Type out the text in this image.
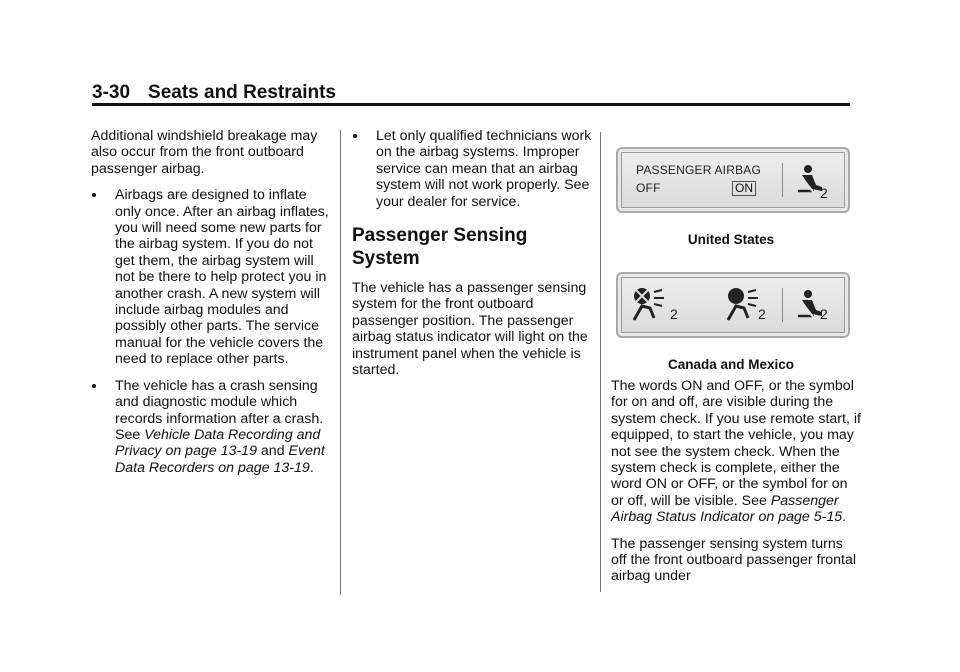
3-30 Seats and Restraints

Additional windshield breakage may also occur from the front outboard passenger airbag.

Airbags are designed to inflate only once. After an airbag inflates, you will need some new parts for the airbag system. If you do not get them, the airbag system will not be there to help protect you in another crash. A new system will include airbag modules and possibly other parts. The service manual for the vehicle covers the need to replace other parts.
The vehicle has a crash sensing and diagnostic module which records information after a crash. See Vehicle Data Recording and Privacy on page 13-19 and Event Data Recorders on page 13-19.
Let only qualified technicians work on the airbag systems. Improper service can mean that an airbag system will not work properly. See your dealer for service.

Passenger Sensing System

The vehicle has a passenger sensing system for the front outboard passenger position. The passenger airbag status indicator will light on the instrument panel when the vehicle is started.

PASSENGER AIRBAG
OFF	ON	2
United States
2	2	2
Canada and Mexico

The words ON and OFF, or the symbol for on and off, are visible during the system check. If you use remote start, if equipped, to start the vehicle, you may not see the system check. When the system check is complete, either the word ON or OFF, or the symbol for on or off, will be visible. See Passenger Airbag Status Indicator on page 5-15.

The passenger sensing system turns off the front outboard passenger frontal airbag under
